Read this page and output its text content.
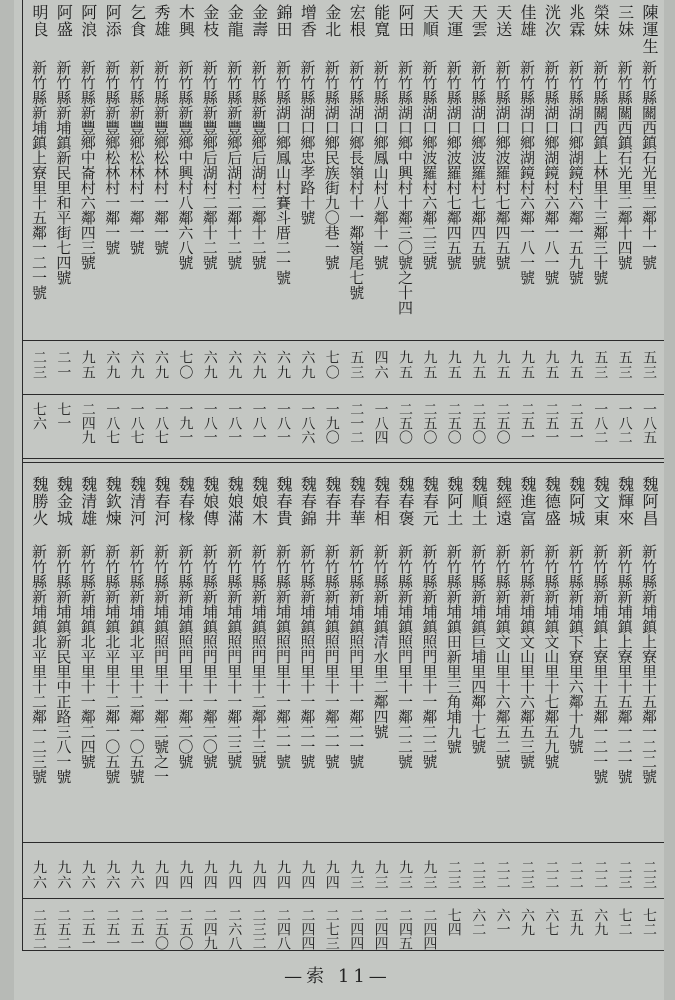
陳運生
新竹縣關西鎮石光里二鄰十一號
五三
一八五
三妹
新竹縣關西鎮石光里二鄰十四號
五三
一八二
榮妹
新竹縣關西鎮上林里十三鄰三十號
五三
一八二
兆霖
新竹縣湖口鄉湖鏡村六鄰一五九號
九五
二五一
洸次
新竹縣湖口鄉湖鏡村六鄰一八一號
九五
二五一
佳雄
新竹縣湖口鄉湖鏡村六鄰一八一號
九五
二五一
天送
新竹縣湖口鄉波羅村七鄰四五號
九五
二五〇
天雲
新竹縣湖口鄉波羅村七鄰四五號
九五
二五〇
天運
新竹縣湖口鄉波羅村七鄰四五號
九五
二五〇
天順
新竹縣湖口鄉波羅村六鄰二三號
九五
二五〇
阿田
新竹縣湖口鄉中興村十鄰三〇號之十四
九五
二五〇
能寬
新竹縣湖口鄉鳳山村八鄰十一號
四六
一八四
宏根
新竹縣湖口鄉長嶺村十一鄰嶺尾七號
五三
二一二
金北
新竹縣湖口鄉民族街九〇巷一號
七〇
一九〇
增香
新竹縣湖口鄉忠孝路十號
六九
一八六
錦田
新竹縣湖口鄉鳳山村賽斗厝二一號
六九
一八一
金壽
新竹縣新豐鄉后湖村二鄰十二號
六九
一八一
金龍
新竹縣新豐鄉后湖村二鄰十二號
六九
一八一
金枝
新竹縣新豐鄉后湖村二鄰十二號
六九
一八一
木興
新竹縣新豐鄉中興村八鄰六八號
七〇
一九一
秀雄
新竹縣新豐鄉松林村一鄰一號
六九
一八七
乞食
新竹縣新豐鄉松林村一鄰一號
六九
一八七
阿添
新竹縣新豐鄉松林村一鄰一號
六九
一八七
阿浪
新竹縣新豐鄉中崙村六鄰四三號
九五
二四九
阿盛
新竹縣新埔鎮新民里和平街七四號
二一
七一
明良
新竹縣新埔鎮上寮里十五鄰一二一號
二三
七六
魏阿昌
新竹縣新埔鎮上寮里十五鄰一二二號
二三
七二
魏輝來
新竹縣新埔鎮上寮里十五鄰一二一號
二三
七二
魏文東
新竹縣新埔鎮上寮里十五鄰一二一號
二二
六九
魏阿城
新竹縣新埔鎮下寮里六鄰十九號
二二
五九
魏德盛
新竹縣新埔鎮文山里十七鄰五九號
二二
六七
魏進富
新竹縣新埔鎮文山里十六鄰五三號
二三
六九
魏經遠
新竹縣新埔鎮文山里十六鄰五二號
二二
六一
魏順土
新竹縣新埔鎮巨埔里四鄰十七號
二三
六二
魏阿土
新竹縣新埔鎮田新里三角埔九號
二三
七四
魏春元
新竹縣新埔鎮照門里十一鄰二二號
九三
二四四
魏春褒
新竹縣新埔鎮照門里十一鄰二二號
九三
二四五
魏春相
新竹縣新埔鎮清水里二鄰四號
九三
二四四
魏春華
新竹縣新埔鎮照門里十一鄰二一號
九三
二四四
魏春井
新竹縣新埔鎮照門里十一鄰二一號
九四
二七三
魏春錦
新竹縣新埔鎮照門里十一鄰二一號
九四
二四四
魏春貴
新竹縣新埔鎮照門里十一鄰二一號
九四
二四八
魏娘木
新竹縣新埔鎮照門里十二鄰十三號
九四
二三二
魏娘滿
新竹縣新埔鎮照門里十一鄰二三號
九四
二六八
魏娘傳
新竹縣新埔鎮照門里十一鄰二〇號
九四
二四九
魏春椽
新竹縣新埔鎮照門里十一鄰二〇號
九四
二五〇
魏春河
新竹縣新埔鎮照門里十一鄰二號之一
九四
二五〇
魏清河
新竹縣新埔鎮北平里十二鄰一〇五號
九六
二五一
魏欽煉
新竹縣新埔鎮北平里十二鄰一〇五號
九六
二五一
魏清雄
新竹縣新埔鎮北平里十一鄰二四號
九六
二五一
魏金城
新竹縣新埔鎮新民里中正路三八一號
九六
二五二
魏勝火
新竹縣新埔鎮北平里十二鄰一二三號
九六
二五二
—索 11—
